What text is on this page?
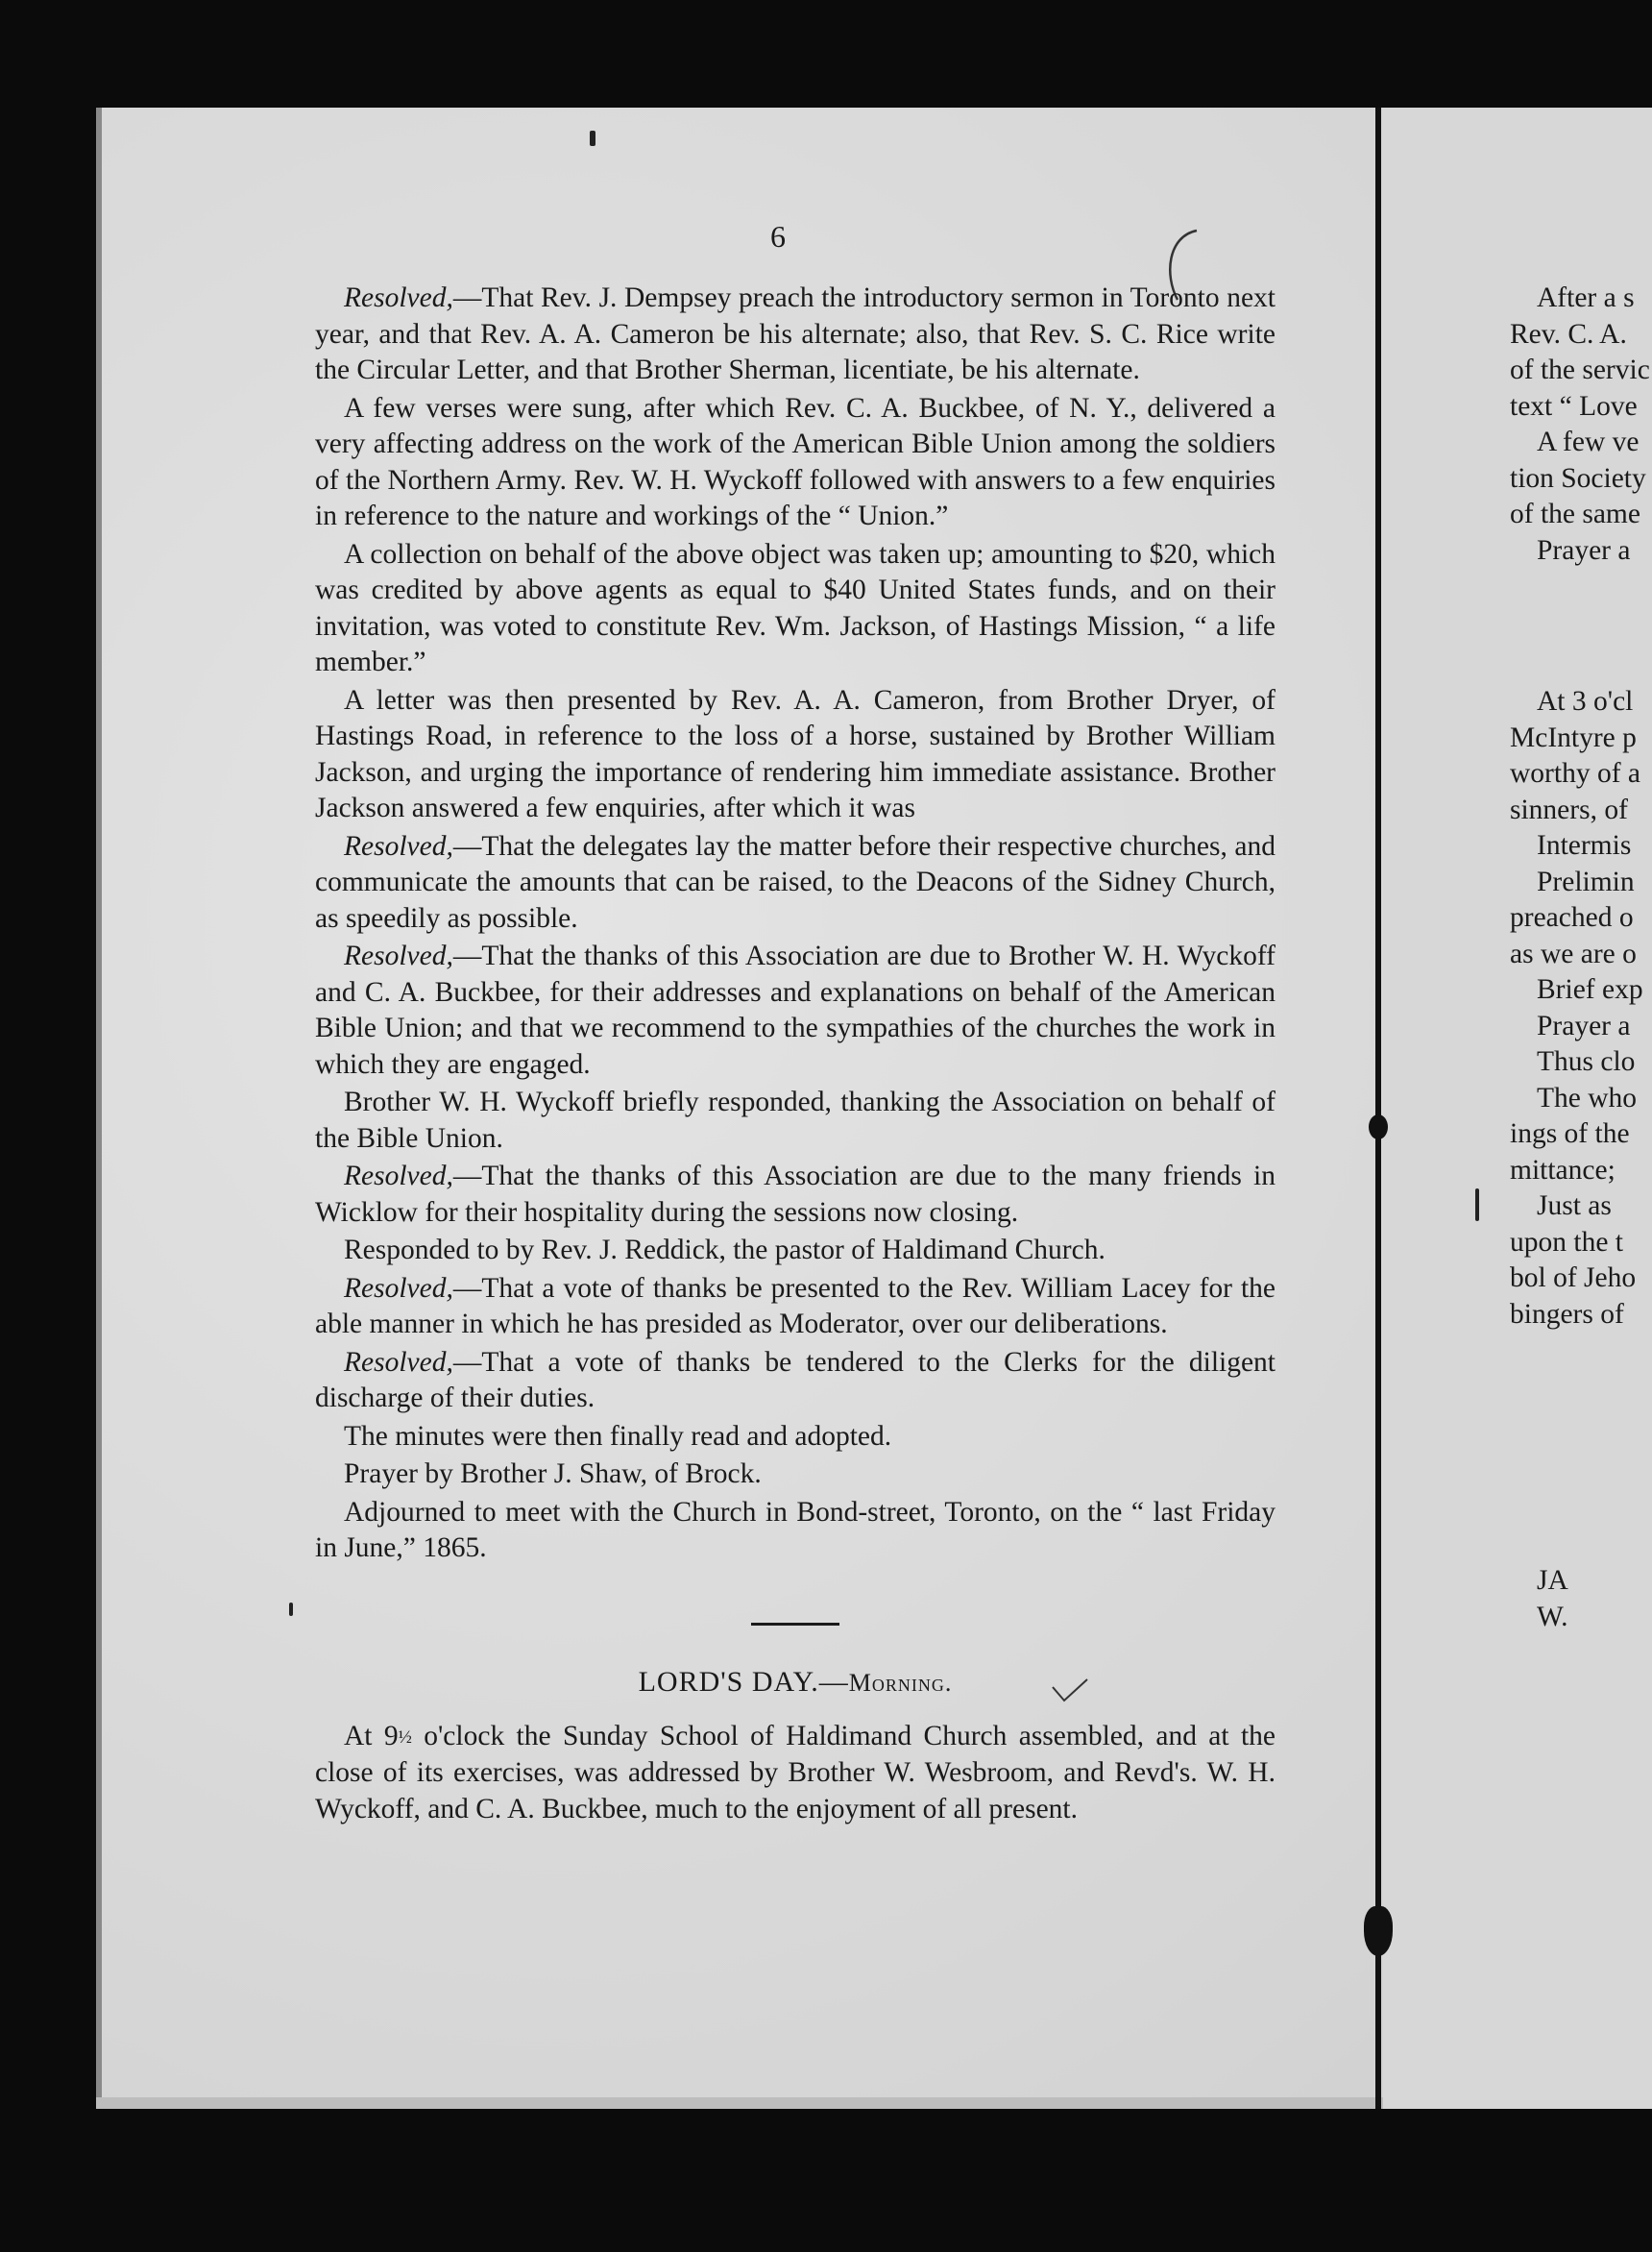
6

Resolved,—That Rev. J. Dempsey preach the introductory sermon in Toronto next year, and that Rev. A. A. Cameron be his alternate; also, that Rev. S. C. Rice write the Circular Letter, and that Brother Sherman, licentiate, be his alternate.

A few verses were sung, after which Rev. C. A. Buckbee, of N. Y., delivered a very affecting address on the work of the American Bible Union among the soldiers of the Northern Army. Rev. W. H. Wyckoff followed with answers to a few enquiries in reference to the nature and workings of the “ Union.”

A collection on behalf of the above object was taken up; amounting to $20, which was credited by above agents as equal to $40 United States funds, and on their invitation, was voted to constitute Rev. Wm. Jackson, of Hastings Mission, “ a life member.”

A letter was then presented by Rev. A. A. Cameron, from Brother Dryer, of Hastings Road, in reference to the loss of a horse, sustained by Brother William Jackson, and urging the importance of rendering him immediate assistance. Brother Jackson answered a few enquiries, after which it was

Resolved,—That the delegates lay the matter before their respective churches, and communicate the amounts that can be raised, to the Deacons of the Sidney Church, as speedily as possible.

Resolved,—That the thanks of this Association are due to Brother W. H. Wyckoff and C. A. Buckbee, for their addresses and explanations on behalf of the American Bible Union; and that we recommend to the sympathies of the churches the work in which they are engaged.

Brother W. H. Wyckoff briefly responded, thanking the Association on behalf of the Bible Union.

Resolved,—That the thanks of this Association are due to the many friends in Wicklow for their hospitality during the sessions now closing.

Responded to by Rev. J. Reddick, the pastor of Haldimand Church.

Resolved,—That a vote of thanks be presented to the Rev. William Lacey for the able manner in which he has presided as Moderator, over our deliberations.

Resolved,—That a vote of thanks be tendered to the Clerks for the diligent discharge of their duties.

The minutes were then finally read and adopted.

Prayer by Brother J. Shaw, of Brock.

Adjourned to meet with the Church in Bond-street, Toronto, on the “ last Friday in June,” 1865.

LORD'S DAY.—Morning.

At 9½ o'clock the Sunday School of Haldimand Church assembled, and at the close of its exercises, was addressed by Brother W. Wesbroom, and Revd's. W. H. Wyckoff, and C. A. Buckbee, much to the enjoyment of all present.

After a s
Rev. C. A.
of the servic
text “ Love
A few ve
tion Society
of the same
Prayer a
At 3 o'cl
McIntyre p
worthy of a
sinners, of
Intermis
Prelimin
preached o
as we are o
Brief exp
Prayer a
Thus clo
The who
ings of the
mittance;
Just as
upon the t
bol of Jeho
bingers of
JA
W.
